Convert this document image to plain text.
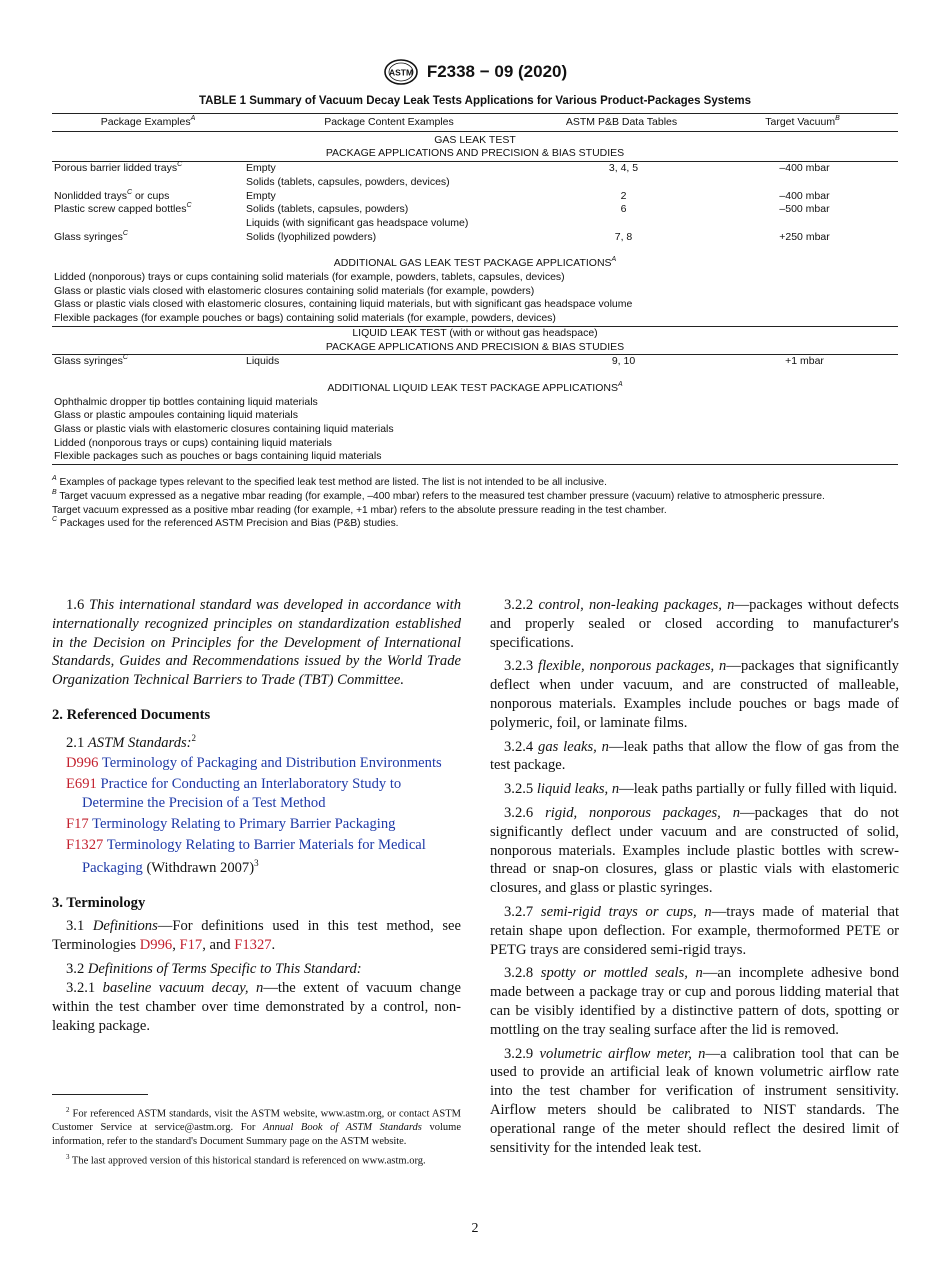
ASTM F2338 − 09 (2020)
TABLE 1 Summary of Vacuum Decay Leak Tests Applications for Various Product-Packages Systems
Package Examples$^A$	Package Content Examples	ASTM P&B Data Tables	Target Vacuum$^B$
GAS LEAK TEST
PACKAGE APPLICATIONS AND PRECISION & BIAS STUDIES
Porous barrier lidded trays$^C$	Empty	3, 4, 5	–400 mbar
Solids (tablets, capsules, powders, devices)
Nonlidded trays$^C$ or cups	Empty	2	–400 mbar
Plastic screw capped bottles$^C$	Solids (tablets, capsules, powders)	6	–500 mbar
Liquids (with significant gas headspace volume)
Glass syringes$^C$	Solids (lyophilized powders)	7, 8	+250 mbar
ADDITIONAL GAS LEAK TEST PACKAGE $APPLICATIONS^A$
Lidded (nonporous) trays or cups containing solid materials (for example, powders, tablets, capsules, devices)
Glass or plastic vials closed with elastomeric closures containing solid materials (for example, powders)
Glass or plastic vials closed with elastomeric closures, containing liquid materials, but with significant gas headspace volume
Flexible packages (for example pouches or bags) containing solid materials (for example, powders, devices)
LIQUID LEAK TEST (with or without gas headspace)
PACKAGE APPLICATIONS AND PRECISION & BIAS STUDIES
Glass syringes$^C$	Liquids	9, 10	+1 mbar
ADDITIONAL LIQUID LEAK TEST PACKAGE $APPLICATIONS^A$
Ophthalmic dropper tip bottles containing liquid materials
Glass or plastic ampoules containing liquid materials
Glass or plastic vials with elastomeric closures containing liquid materials
Lidded (nonporous trays or cups) containing liquid materials
Flexible packages such as pouches or bags containing liquid materials
$^A$ Examples of package types relevant to the specified leak test method are listed. The list is not intended to be all inclusive.
$^B$ Target vacuum expressed as a negative mbar reading (for example, –400 mbar) refers to the measured test chamber pressure (vacuum) relative to atmospheric pressure.
Target vacuum expressed as a positive mbar reading (for example, +1 mbar) refers to the absolute pressure reading in the test chamber.
$^C$ Packages used for the referenced ASTM Precision and Bias (P&B) studies.

1.6 This international standard was developed in accordance with internationally recognized principles on standardization established in the Decision on Principles for the Development of International Standards, Guides and Recommendations issued by the World Trade Organization Technical Barriers to Trade (TBT) Committee.

2. Referenced Documents

2.1 ASTM Standards:$^2$

D996 Terminology of Packaging and Distribution Environments

E691 Practice for Conducting an Interlaboratory Study to Determine the Precision of a Test Method

F17 Terminology Relating to Primary Barrier Packaging

F1327 Terminology Relating to Barrier Materials for Medical Packaging (Withdrawn 2007)$^3$

3. Terminology

3.1 Definitions—For definitions used in this test method, see Terminologies D996, F17, and F1327.

3.2 Definitions of Terms Specific to This Standard:

3.2.1 baseline vacuum decay, n—the extent of vacuum change within the test chamber over time demonstrated by a control, non-leaking package.

$^2$ For referenced ASTM standards, visit the ASTM website, www.astm.org, or contact ASTM Customer Service at service@astm.org. For Annual Book of ASTM Standards volume information, refer to the standard's Document Summary page on the ASTM website.

$^3$ The last approved version of this historical standard is referenced on www.astm.org.

3.2.2 control, non-leaking packages, n—packages without defects and properly sealed or closed according to manufacturer's specifications.

3.2.3 flexible, nonporous packages, n—packages that significantly deflect when under vacuum, and are constructed of malleable, nonporous materials. Examples include pouches or bags made of polymeric, foil, or laminate films.

3.2.4 gas leaks, n—leak paths that allow the flow of gas from the test package.

3.2.5 liquid leaks, n—leak paths partially or fully filled with liquid.

3.2.6 rigid, nonporous packages, n—packages that do not significantly deflect under vacuum and are constructed of solid, nonporous materials. Examples include plastic bottles with screw-thread or snap-on closures, glass or plastic vials with elastomeric closures, and glass or plastic syringes.

3.2.7 semi-rigid trays or cups, n—trays made of material that retain shape upon deflection. For example, thermoformed PETE or PETG trays are considered semi-rigid trays.

3.2.8 spotty or mottled seals, n—an incomplete adhesive bond made between a package tray or cup and porous lidding material that can be visibly identified by a distinctive pattern of dots, spotting or mottling on the tray sealing surface after the lid is removed.

3.2.9 volumetric airflow meter, n—a calibration tool that can be used to provide an artificial leak of known volumetric airflow rate into the test chamber for verification of instrument sensitivity. Airflow meters should be calibrated to NIST standards. The operational range of the meter should reflect the desired limit of sensitivity for the intended leak test.

2
